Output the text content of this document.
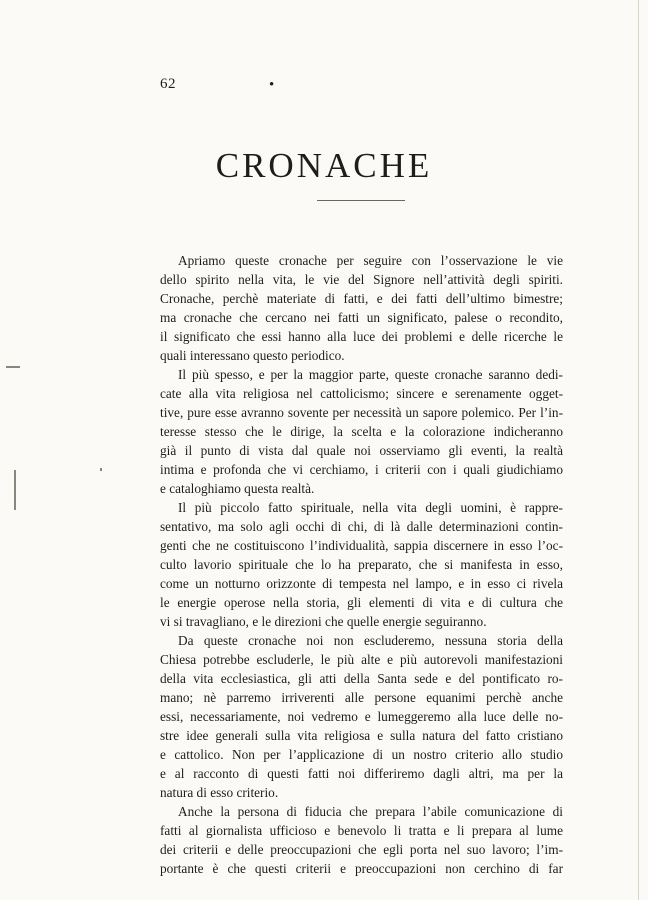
62	•
CRONACHE

Apriamo queste cronache per seguire con l’osservazione le vie
dello spirito nella vita, le vie del Signore nell’attività degli spiriti.
Cronache, perchè materiate di fatti, e dei fatti dell’ultimo bimestre;
ma cronache che cercano nei fatti un significato, palese o recondito,
il significato che essi hanno alla luce dei problemi e delle ricerche le
quali interessano questo periodico.

Il più spesso, e per la maggior parte, queste cronache saranno dedi-
cate alla vita religiosa nel cattolicismo; sincere e serenamente ogget-
tive, pure esse avranno sovente per necessità un sapore polemico. Per l’in-
teresse stesso che le dirige, la scelta e la colorazione indicheranno
già il punto di vista dal quale noi osserviamo gli eventi, la realtà
intima e profonda che vi cerchiamo, i criterii con i quali giudichiamo
e cataloghiamo questa realtà.

Il più piccolo fatto spirituale, nella vita degli uomini, è rappre-
sentativo, ma solo agli occhi di chi, di là dalle determinazioni contin-
genti che ne costituiscono l’individualità, sappia discernere in esso l’oc-
culto lavorio spirituale che lo ha preparato, che si manifesta in esso,
come un notturno orizzonte di tempesta nel lampo, e in esso ci rivela
le energie operose nella storia, gli elementi di vita e di cultura che
vi si travagliano, e le direzioni che quelle energie seguiranno.

Da queste cronache noi non escluderemo, nessuna storia della
Chiesa potrebbe escluderle, le più alte e più autorevoli manifestazioni
della vita ecclesiastica, gli atti della Santa sede e del pontificato ro-
mano; nè parremo irriverenti alle persone equanimi perchè anche
essi, necessariamente, noi vedremo e lumeggeremo alla luce delle no-
stre idee generali sulla vita religiosa e sulla natura del fatto cristiano
e cattolico. Non per l’applicazione di un nostro criterio allo studio
e al racconto di questi fatti noi differiremo dagli altri, ma per la
natura di esso criterio.

Anche la persona di fiducia che prepara l’abile comunicazione di
fatti al giornalista ufficioso e benevolo li tratta e li prepara al lume
dei criterii e delle preoccupazioni che egli porta nel suo lavoro; l’im-
portante è che questi criterii e preoccupazioni non cerchino di far
